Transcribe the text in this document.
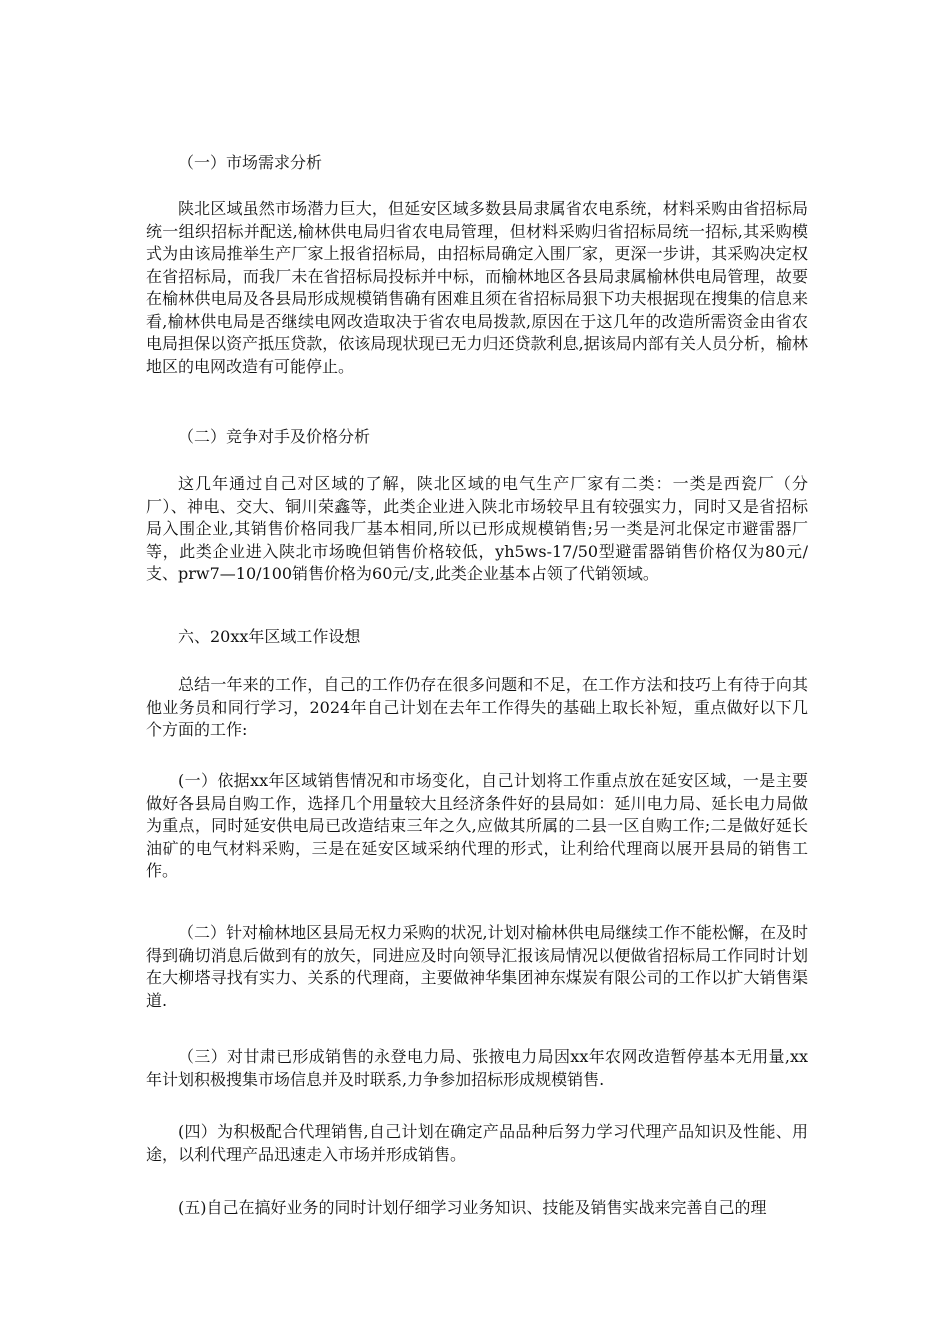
（一）市场需求分析

陕北区域虽然市场潜力巨大，但延安区域多数县局隶属省农电系统，材料采购由省招标局统一组织招标并配送,榆林供电局归省农电局管理，但材料采购归省招标局统一招标,其采购模式为由该局推举生产厂家上报省招标局，由招标局确定入围厂家，更深一步讲，其采购决定权在省招标局，而我厂未在省招标局投标并中标，而榆林地区各县局隶属榆林供电局管理，故要在榆林供电局及各县局形成规模销售确有困难且须在省招标局狠下功夫根据现在搜集的信息来看,榆林供电局是否继续电网改造取决于省农电局拨款,原因在于这几年的改造所需资金由省农电局担保以资产抵压贷款，依该局现状现已无力归还贷款利息,据该局内部有关人员分析，榆林地区的电网改造有可能停止。

（二）竞争对手及价格分析

这几年通过自己对区域的了解，陕北区域的电气生产厂家有二类：一类是西瓷厂（分厂）、神电、交大、铜川荣鑫等，此类企业进入陕北市场较早且有较强实力，同时又是省招标局入围企业,其销售价格同我厂基本相同,所以已形成规模销售;另一类是河北保定市避雷器厂等，此类企业进入陕北市场晚但销售价格较低，yh5ws-17/50型避雷器销售价格仅为80元/支、prw7—10/100销售价格为60元/支,此类企业基本占领了代销领域。

六、20xx年区域工作设想

总结一年来的工作，自己的工作仍存在很多问题和不足，在工作方法和技巧上有待于向其他业务员和同行学习，2024年自己计划在去年工作得失的基础上取长补短，重点做好以下几个方面的工作:

(一）依据xx年区域销售情况和市场变化，自己计划将工作重点放在延安区域，一是主要做好各县局自购工作，选择几个用量较大且经济条件好的县局如：延川电力局、延长电力局做为重点，同时延安供电局已改造结束三年之久,应做其所属的二县一区自购工作;二是做好延长油矿的电气材料采购，三是在延安区域采纳代理的形式，让利给代理商以展开县局的销售工作。

（二）针对榆林地区县局无权力采购的状况,计划对榆林供电局继续工作不能松懈，在及时得到确切消息后做到有的放矢，同进应及时向领导汇报该局情况以便做省招标局工作同时计划在大柳塔寻找有实力、关系的代理商，主要做神华集团神东煤炭有限公司的工作以扩大销售渠道.

（三）对甘肃已形成销售的永登电力局、张掖电力局因xx年农网改造暂停基本无用量,xx年计划积极搜集市场信息并及时联系,力争参加招标形成规模销售.

(四）为积极配合代理销售,自己计划在确定产品品种后努力学习代理产品知识及性能、用途，以利代理产品迅速走入市场并形成销售。

(五)自己在搞好业务的同时计划仔细学习业务知识、技能及销售实战来完善自己的理
